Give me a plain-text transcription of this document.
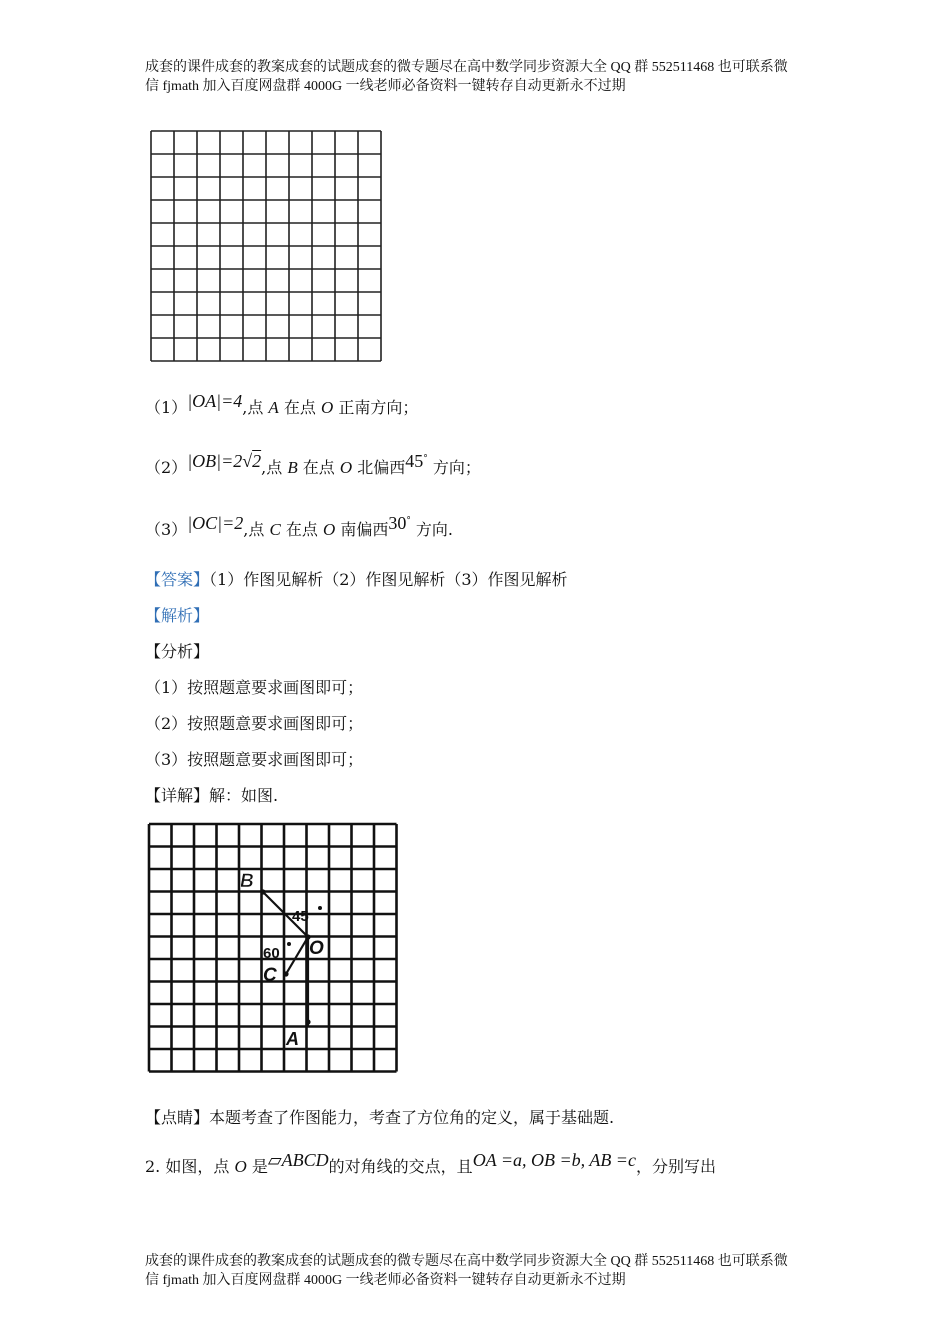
成套的课件成套的教案成套的试题成套的微专题尽在高中数学同步资源大全 QQ 群 552511468 也可联系微
信 fjmath 加入百度网盘群 4000G 一线老师必备资料一键转存自动更新永不过期
（1）|OA|=4,点 A 在点 O 正南方向；
（2）|OB|=2√2,点 B 在点 O 北偏西45° 方向；
（3）|OC|=2,点 C 在点 O 南偏西30° 方向.
【答案】（1）作图见解析（2）作图见解析（3）作图见解析
【解析】
【分析】
（1）按照题意要求画图即可；
（2）按照题意要求画图即可；
（3）按照题意要求画图即可；
【详解】解：如图.
B
O
C
A
45
60
【点睛】本题考查了作图能力，考查了方位角的定义，属于基础题.
2. 如图，点 O 是▱ABCD的对角线的交点，且OA =a, OB =b, AB =c，分别写出
成套的课件成套的教案成套的试题成套的微专题尽在高中数学同步资源大全 QQ 群 552511468 也可联系微
信 fjmath 加入百度网盘群 4000G 一线老师必备资料一键转存自动更新永不过期
